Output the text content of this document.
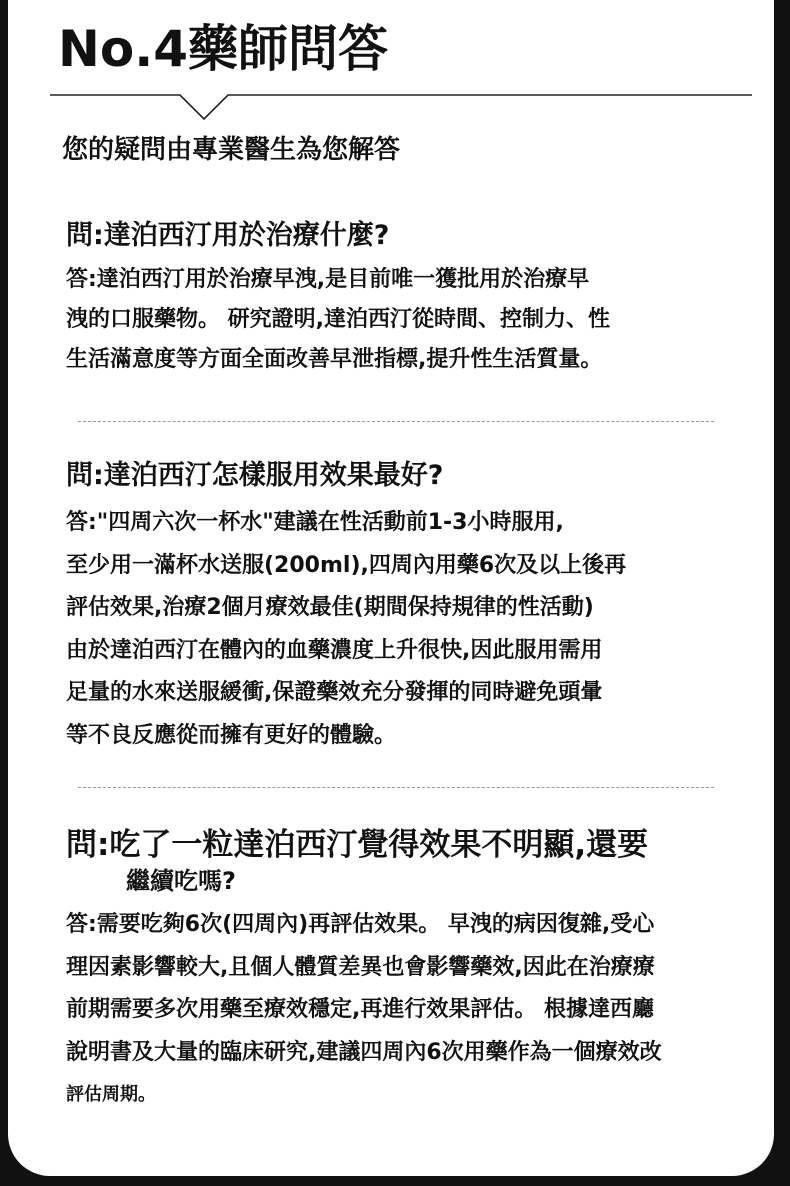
No.4藥師問答
您的疑問由專業醫生為您解答

問:達泊西汀用於治療什麼?

答:達泊西汀用於治療早洩,是目前唯一獲批用於治療早

洩的口服藥物。 研究證明,達泊西汀從時間、控制力、性

生活滿意度等方面全面改善早泄指標,提升性生活質量。

問:達泊西汀怎樣服用效果最好?

答:"四周六次一杯水"建議在性活動前1-3小時服用,

至少用一滿杯水送服(200ml),四周內用藥6次及以上後再

評估效果,治療2個月療效最佳(期間保持規律的性活動)

由於達泊西汀在體內的血藥濃度上升很快,因此服用需用

足量的水來送服緩衝,保證藥效充分發揮的同時避免頭暈

等不良反應從而擁有更好的體驗。

問:吃了一粒達泊西汀覺得效果不明顯,還要

繼續吃嗎?

答:需要吃夠6次(四周內)再評估效果。 早洩的病因復雜,受心

理因素影響較大,且個人體質差異也會影響藥效,因此在治療療

前期需要多次用藥至療效穩定,再進行效果評估。 根據達西廳

說明書及大量的臨床研究,建議四周內6次用藥作為一個療效改

評估周期。
